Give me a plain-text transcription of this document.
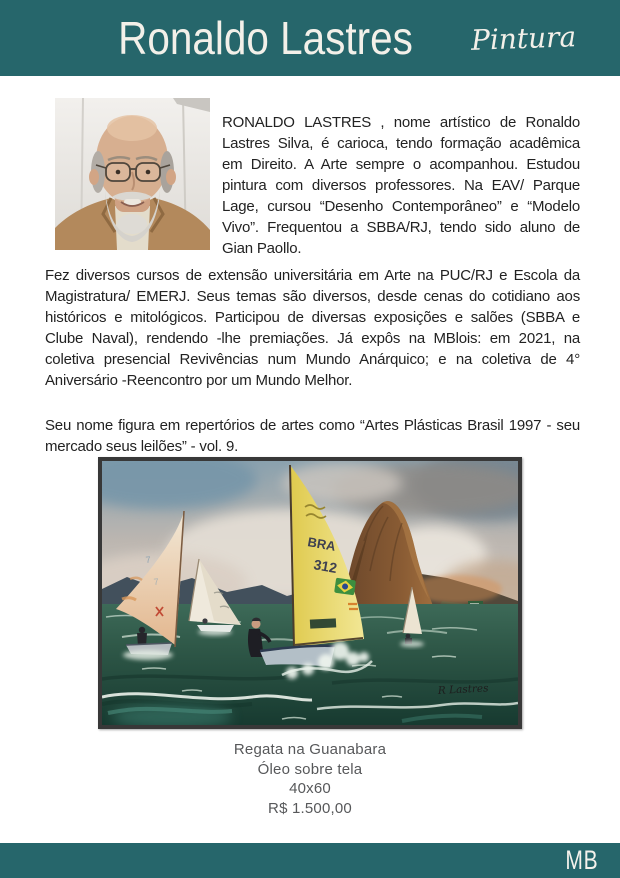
Ronaldo Lastres Pintura

RONALDO LASTRES , nome artístico de Ronaldo Lastres Silva, é carioca, tendo formação acadêmica em Direito. A Arte sempre o acompanhou. Estudou pintura com diversos professores. Na EAV/ Parque Lage, cursou “Desenho Contemporâneo” e “Modelo Vivo”. Frequentou a SBBA/RJ, tendo sido aluno de Gian Paollo.

Fez diversos cursos de extensão universitária em Arte na PUC/RJ e Escola da Magistratura/ EMERJ. Seus temas são diversos, desde cenas do cotidiano aos históricos e mitológicos. Participou de diversas exposições e salões (SBBA e Clube Naval), rendendo -lhe premiações. Já expôs na MBlois: em 2021, na coletiva presencial Revivências num Mundo Anárquico; e na coletiva de 4° Aniversário -Reencontro por um Mundo Melhor.

Seu nome figura em repertórios de artes como “Artes Plásticas Brasil 1997 - seu mercado seus leilões” - vol. 9.

7
7
BRA
312
R Lastres
Regata na Guanabara
Óleo sobre tela
40x60
R$ 1.500,00
MB
